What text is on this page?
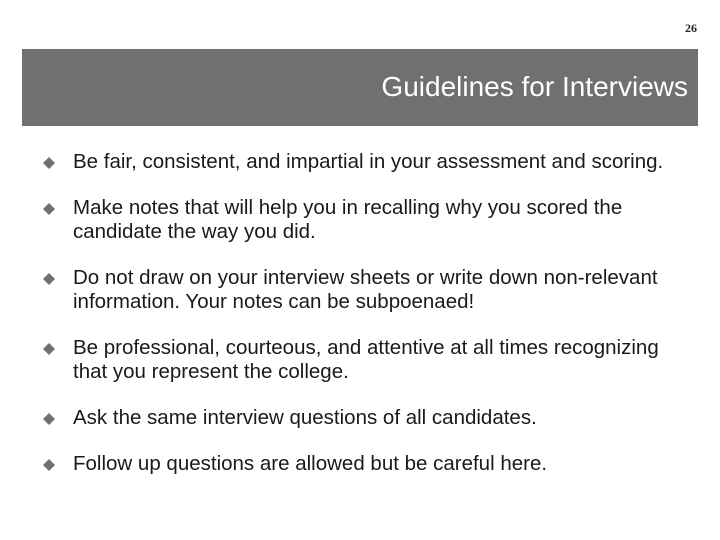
26
Guidelines for Interviews
Be fair, consistent, and impartial in your assessment and scoring.
Make notes that will help you in recalling why you scored the candidate the way you did.
Do not draw on your interview sheets or write down non-relevant information. Your notes can be subpoenaed!
Be professional, courteous, and attentive at all times recognizing that you represent the college.
Ask the same interview questions of all candidates.
Follow up questions are allowed but be careful here.
